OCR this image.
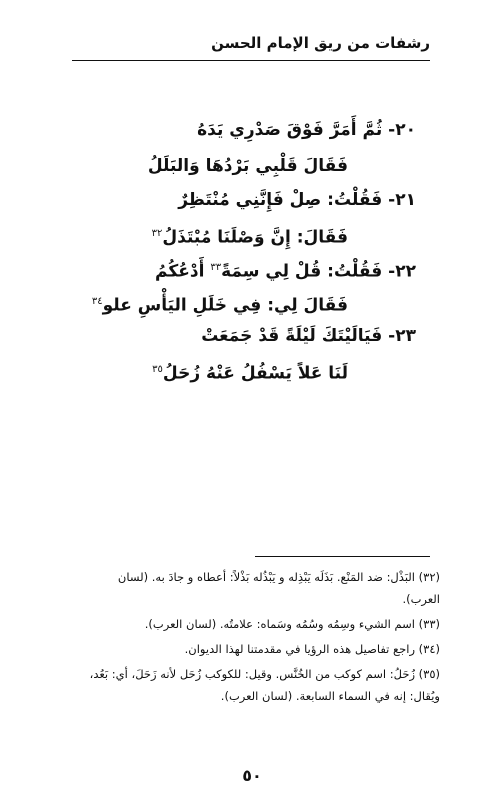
رشفات من ريق الإمام الحسن
٢٠- ثُمَّ أَمَرَّ فَوْقَ صَدْرِي يَدَهُ
فَقَالَ قَلْبِي بَرْدُهَا وَالبَلَلُ
٢١- فَقُلْتُ: صِلْ فَإِنَّنِي مُنْتَظِرٌ
فَقَالَ: إِنَّ وَصْلَنَا مُبْتَذَلُ$^{٣٢}$
٢٢- فَقُلْتُ: قُلْ لِي سِمَةً$^{٣٣}$ أَدْعُكُمُ
فَقَالَ لِي: فِي خَلَلِ اليَأْسِ علو$^{٣٤}$
٢٣- فَيَالَيْتَكَ لَيْلَةً قَدْ جَمَعَتْ
لَنَا عَلاً يَسْفُلُ عَنْهُ زُحَلُ$^{٣٥}$

(٣٢) البَذْل: ضد المَنْع. بَذَلَه يَبْذِله و يَبْذُله بَذْلاً: أعطاه و جادَ به. (لسان العرب).

(٣٣) اسم الشيء وسِمُه وسُمُه وسَماه: علامتُه. (لسان العرب).

(٣٤) راجع تفاصيل هذه الرؤيا في مقدمتنا لهذا الديوان.

(٣٥) زُحَلُ: اسم كوكب من الخُنَّس. وقيل: للكوكب زُحَل لأنه زَحَلَ، أي: بَعُد، ويُقال: إنه في السماء السابعة. (لسان العرب).

٥٠
